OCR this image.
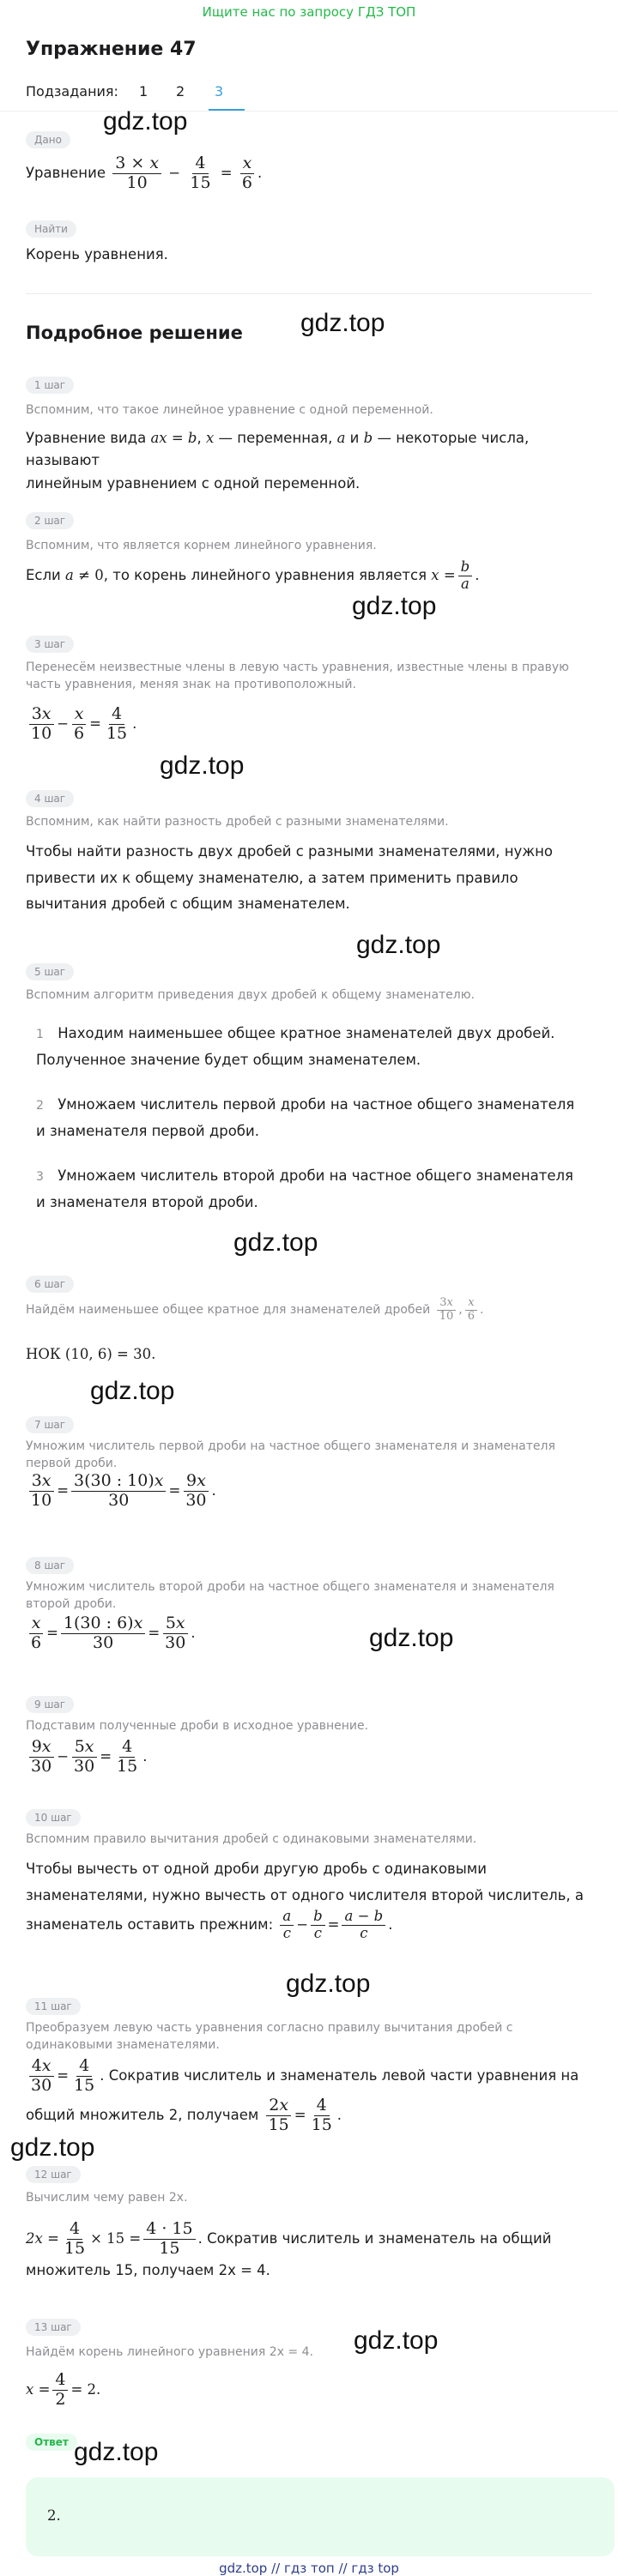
Ищите нас по запросу ГДЗ ТОП
Упражнение 47
Подзадания: 1 2 3
Дано
gdz.top
Уравнение
$\frac{3 \times x}{10} - \frac{4}{15} = \frac{x}{6}$ .
Найти
Корень уравнения.
Подробное решение gdz.top
1 шаг
Вспомним, что такое линейное уравнение с одной переменной.
Уравнение вида ax = b, x — переменная, a и b — некоторые числа, называют
линейным уравнением с одной переменной.
2 шаг
Вспомним, что является корнем линейного уравнения.
Если
a
≠ 0 , то корень линейного уравнения является
x
= $\frac{b}{a}$ .
gdz.top
3 шаг
Перенесём неизвестные члены в левую часть уравнения, известные члены в правую часть уравнения, меняя знак на противоположный.
$\frac{3x}{10} - \frac{x}{6} = \frac{4}{15}$ .
gdz.top
4 шаг
Вспомним, как найти разность дробей с разными знаменателями.
Чтобы найти разность двух дробей с разными знаменателями, нужно привести их к общему знаменателю, а затем применить правило вычитания дробей с общим знаменателем.
gdz.top
5 шаг
Вспомним алгоритм приведения двух дробей к общему знаменателю.
1 Находим наименьшее общее кратное знаменателей двух дробей. Полученное значение будет общим знаменателем.
2 Умножаем числитель первой дроби на частное общего знаменателя и знаменателя первой дроби.
3 Умножаем числитель второй дроби на частное общего знаменателя и знаменателя второй дроби.
gdz.top
6 шаг
Найдём наименьшее общее кратное для знаменателей дробей
$\frac{3x}{10}$ , $\frac{x}{6}$ .
НОК (10, 6) = 30.
gdz.top
7 шаг
Умножим числитель первой дроби на частное общего знаменателя и знаменателя первой дроби.
$\frac{3x}{10} = \frac{3(30 : 10)x}{30} = \frac{9x}{30}$ .
8 шаг
Умножим числитель второй дроби на частное общего знаменателя и знаменателя второй дроби.
$\frac{x}{6} = \frac{1(30 : 6)x}{30} = \frac{5x}{30}$ .	gdz.top
9 шаг
Подставим полученные дроби в исходное уравнение.
$\frac{9x}{30} - \frac{5x}{30} = \frac{4}{15}$ .
10 шаг
Вспомним правило вычитания дробей с одинаковыми знаменателями.
Чтобы вычесть от одной дроби другую дробь с одинаковыми знаменателями, нужно вычесть от одного числителя второй числитель, а знаменатель оставить прежним: $\frac{a}{c} - \frac{b}{c} = \frac{a - b}{c}$ .
gdz.top
11 шаг
Преобразуем левую часть уравнения согласно правилу вычитания дробей с одинаковыми знаменателями.
$\frac{4x}{30} = \frac{4}{15}$ . Сократив числитель и знаменатель левой части уравнения на
общий множитель 2, получаем
$\frac{2x}{15} = \frac{4}{15}$ .
gdz.top
12 шаг
Вычислим чему равен 2x.
2x
= $\frac{4}{15} \times 15 = \frac{4 \cdot 15}{15}$ . Сократив числитель и знаменатель на общий
множитель 15, получаем 2x = 4.
13 шаг	gdz.top
Найдём корень линейного уравнения 2x = 4.
x
= $\frac{4}{2} = 2$.
Ответ gdz.top
2.
gdz.top // гдз топ // гдз top
